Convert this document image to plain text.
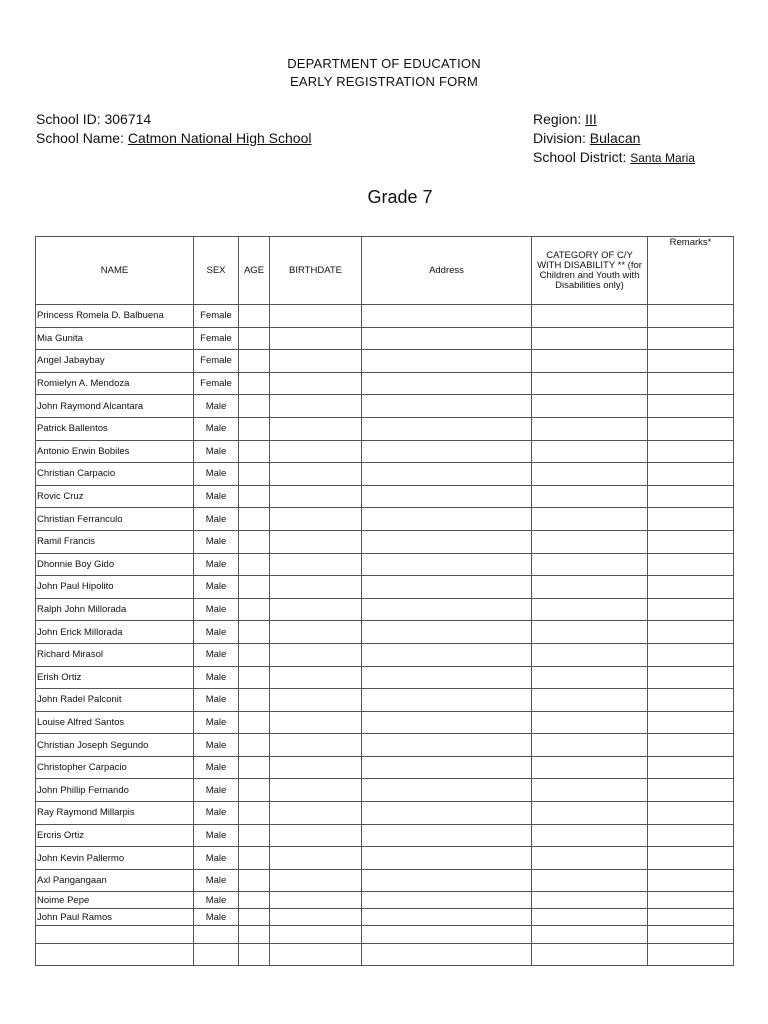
DEPARTMENT OF EDUCATION
EARLY REGISTRATION FORM
School ID: 306714
School Name: Catmon National High School
Region: III
Division: Bulacan
School District: Santa Maria
Grade 7
NAME	SEX	AGE	BIRTHDATE	Address	CATEGORY OF C/Y WITH DISABILITY ** (for Children and Youth with Disabilities only)	Remarks*
Princess Romela D. Balbuena	Female					
Mia Gunita	Female					
Angel Jabaybay	Female					
Romielyn A. Mendoza	Female					
John Raymond Alcantara	Male					
Patrick Ballentos	Male					
Antonio Erwin Bobiles	Male					
Christian Carpacio	Male					
Rovic Cruz	Male					
Christian Ferranculo	Male					
Ramil Francis	Male					
Dhonnie Boy Gido	Male					
John Paul Hipolito	Male					
Ralph John Millorada	Male					
John Erick Millorada	Male					
Richard Mirasol	Male					
Erish Ortiz	Male					
John Radel Palconit	Male					
Louise Alfred Santos	Male					
Christian Joseph Segundo	Male					
Christopher Carpacio	Male					
John Phillip Fernando	Male					
Ray Raymond Millarpis	Male					
Ercris Ortiz	Male					
John Kevin Pallermo	Male					
Axl Pangangaan	Male					
Noime Pepe	Male					
John Paul Ramos	Male					
